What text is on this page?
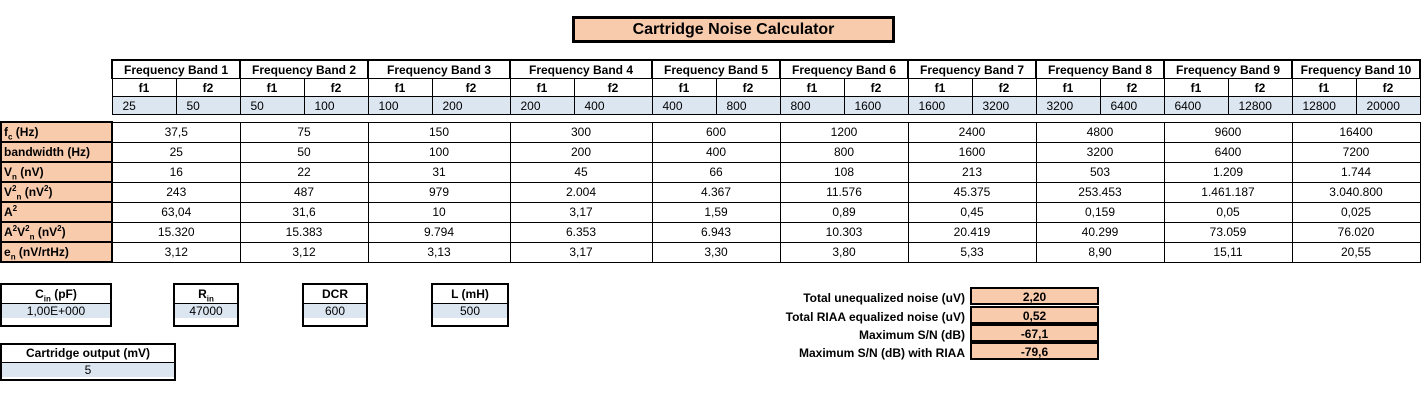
Cartridge Noise Calculator
	Frequency Band 1		Frequency Band 2		Frequency Band 3		Frequency Band 4		Frequency Band 5		Frequency Band 6		Frequency Band 7		Frequency Band 8		Frequency Band 9		Frequency Band 10	
	f1	f2	f1	f2	f1	f2	f1	f2	f1	f2	f1	f2	f1	f2	f1	f2	f1	f2	f1	f2
	25	50	50	100	100	200	200	400	400	800	800	1600	1600	3200	3200	6400	6400	12800	12800	20000

$f_c$ (Hz)	37,5		75		150		300		600		1200		2400		4800		9600		16400	
bandwidth (Hz)	25		50		100		200		400		800		1600		3200		6400		7200	
$V_n$ (nV)	16		22		31		45		66		108		213		503		1.209		1.744	
$V^2_n$ $(nV^2)$	243		487		979		2.004		4.367		11.576		45.375		253.453		1.461.187		3.040.800	
$A^2$	63,04		31,6		10		3,17		1,59		0,89		0,45		0,159		0,05		0,025	
$A^2V^2_n$ $(nV^2)$	15.320		15.383		9.794		6.353		6.943		10.303		20.419		40.299		73.059		76.020	
$e_n$ (nV/rtHz)	3,12		3,12		3,13		3,17		3,30		3,80		5,33		8,90		15,11		20,55	
$C_{in}$ (pF)
1,00E+000
$R_{in}$
47000
DCR
600
L (mH)
500
Cartridge output (mV)
5
Total unequalized noise (uV)	2,20
Total RIAA equalized noise (uV)	0,52
Maximum S/N (dB)	-67,1
Maximum S/N (dB) with RIAA	-79,6
